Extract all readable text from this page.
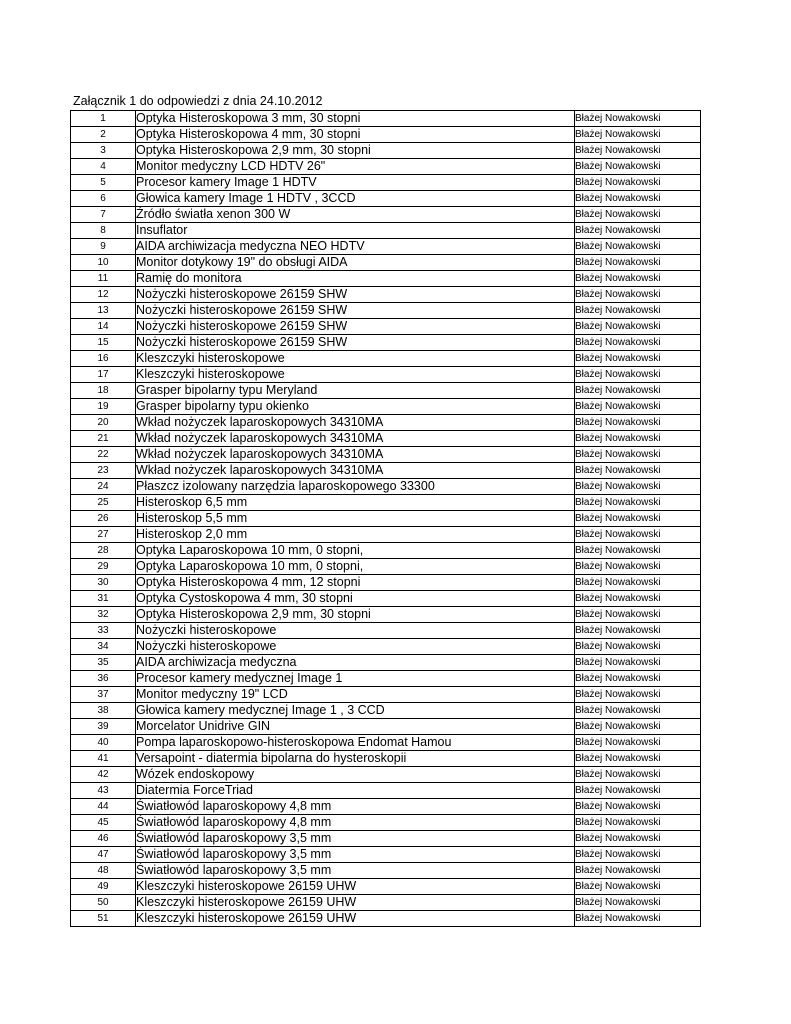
Załącznik 1 do odpowiedzi z dnia 24.10.2012
1	Optyka Histeroskopowa 3 mm, 30 stopni	Błażej Nowakowski
2	Optyka Histeroskopowa 4 mm, 30 stopni	Błażej Nowakowski
3	Optyka Histeroskopowa 2,9 mm, 30 stopni	Błażej Nowakowski
4	Monitor medyczny LCD HDTV 26"	Błażej Nowakowski
5	Procesor kamery Image 1 HDTV	Błażej Nowakowski
6	Głowica kamery Image 1 HDTV , 3CCD	Błażej Nowakowski
7	Źródło światła xenon 300 W	Błażej Nowakowski
8	Insuflator	Błażej Nowakowski
9	AIDA archiwizacja medyczna NEO HDTV	Błażej Nowakowski
10	Monitor dotykowy 19" do obsługi AIDA	Błażej Nowakowski
11	Ramię do monitora	Błażej Nowakowski
12	Nożyczki histeroskopowe 26159 SHW	Błażej Nowakowski
13	Nożyczki histeroskopowe 26159 SHW	Błażej Nowakowski
14	Nożyczki histeroskopowe 26159 SHW	Błażej Nowakowski
15	Nożyczki histeroskopowe 26159 SHW	Błażej Nowakowski
16	Kleszczyki histeroskopowe	Błażej Nowakowski
17	Kleszczyki histeroskopowe	Błażej Nowakowski
18	Grasper bipolarny typu Meryland	Błażej Nowakowski
19	Grasper bipolarny typu okienko	Błażej Nowakowski
20	Wkład nożyczek laparoskopowych 34310MA	Błażej Nowakowski
21	Wkład nożyczek laparoskopowych 34310MA	Błażej Nowakowski
22	Wkład nożyczek laparoskopowych 34310MA	Błażej Nowakowski
23	Wkład nożyczek laparoskopowych 34310MA	Błażej Nowakowski
24	Płaszcz izolowany narzędzia laparoskopowego 33300	Błażej Nowakowski
25	Histeroskop 6,5 mm	Błażej Nowakowski
26	Histeroskop 5,5 mm	Błażej Nowakowski
27	Histeroskop 2,0 mm	Błażej Nowakowski
28	Optyka Laparoskopowa 10 mm, 0 stopni,	Błażej Nowakowski
29	Optyka Laparoskopowa 10 mm, 0 stopni,	Błażej Nowakowski
30	Optyka Histeroskopowa 4 mm, 12 stopni	Błażej Nowakowski
31	Optyka Cystoskopowa 4 mm, 30 stopni	Błażej Nowakowski
32	Optyka Histeroskopowa 2,9 mm, 30 stopni	Błażej Nowakowski
33	Nożyczki histeroskopowe	Błażej Nowakowski
34	Nożyczki histeroskopowe	Błażej Nowakowski
35	AIDA archiwizacja medyczna	Błażej Nowakowski
36	Procesor kamery medycznej Image 1	Błażej Nowakowski
37	Monitor medyczny 19" LCD	Błażej Nowakowski
38	Głowica kamery medycznej Image 1 , 3 CCD	Błażej Nowakowski
39	Morcelator Unidrive GIN	Błażej Nowakowski
40	Pompa laparoskopowo-histeroskopowa Endomat Hamou	Błażej Nowakowski
41	Versapoint - diatermia bipolarna do hysteroskopii	Błażej Nowakowski
42	Wózek endoskopowy	Błażej Nowakowski
43	Diatermia ForceTriad	Błażej Nowakowski
44	Światłowód laparoskopowy 4,8 mm	Błażej Nowakowski
45	Światłowód laparoskopowy 4,8 mm	Błażej Nowakowski
46	Światłowód laparoskopowy 3,5 mm	Błażej Nowakowski
47	Światłowód laparoskopowy 3,5 mm	Błażej Nowakowski
48	Światłowód laparoskopowy 3,5 mm	Błażej Nowakowski
49	Kleszczyki histeroskopowe 26159 UHW	Błażej Nowakowski
50	Kleszczyki histeroskopowe 26159 UHW	Błażej Nowakowski
51	Kleszczyki histeroskopowe 26159 UHW	Błażej Nowakowski
